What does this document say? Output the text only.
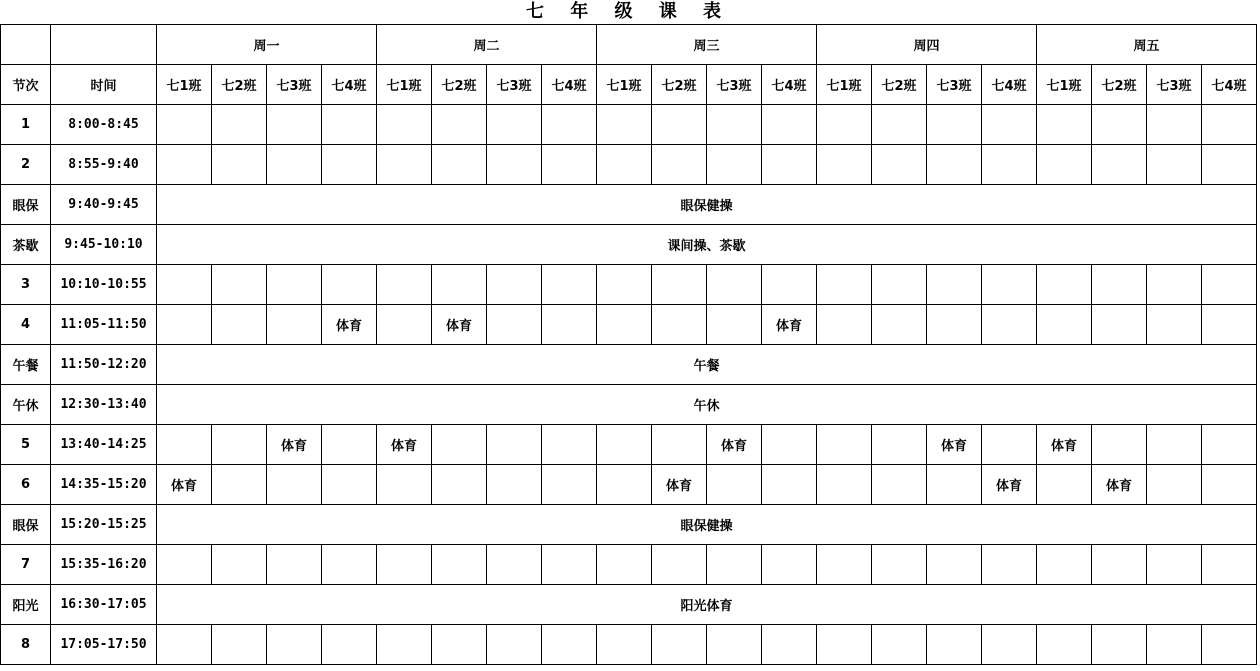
七 年 级 课 表
		周一				周二				周三				周四				周五			
节次	时间	七1班	七2班	七3班	七4班	七1班	七2班	七3班	七4班	七1班	七2班	七3班	七4班	七1班	七2班	七3班	七4班	七1班	七2班	七3班	七4班
1	8:00-8:45																				
2	8:55-9:40																				
眼保	9:40-9:45	眼保健操																			
茶歇	9:45-10:10	课间操、茶歇																			
3	10:10-10:55																				
4	11:05-11:50				体育		体育						体育								
午餐	11:50-12:20	午餐																			
午休	12:30-13:40	午休																			
5	13:40-14:25			体育		体育						体育				体育		体育			
6	14:35-15:20	体育									体育						体育		体育		
眼保	15:20-15:25	眼保健操																			
7	15:35-16:20																				
阳光	16:30-17:05	阳光体育																			
8	17:05-17:50																				
